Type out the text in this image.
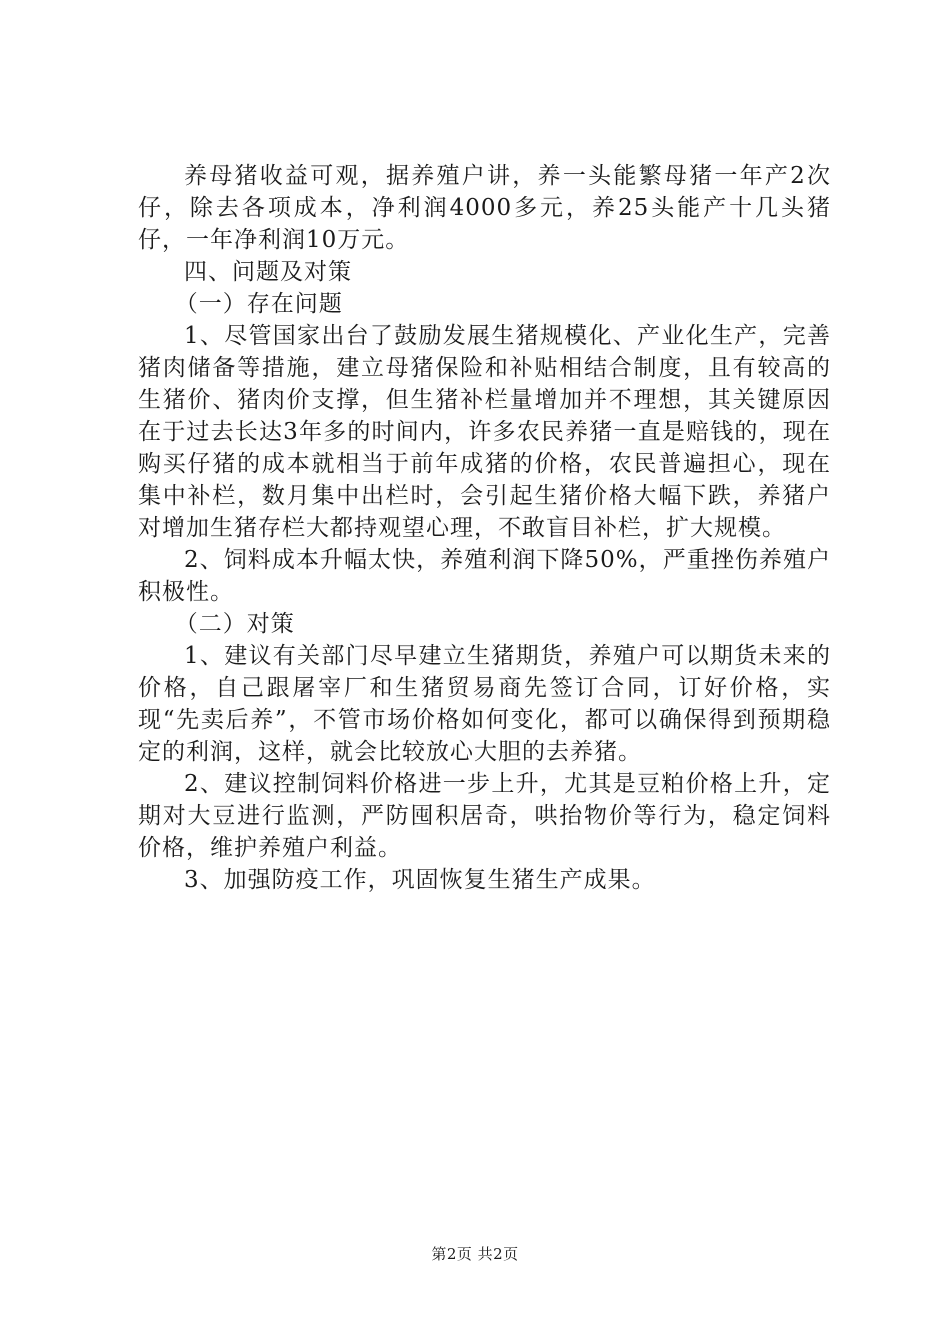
养母猪收益可观，据养殖户讲，养一头能繁母猪一年产2次仔，除去各项成本，净利润4000多元，养25头能产十几头猪仔，一年净利润10万元。

四、问题及对策

（一）存在问题

1、尽管国家出台了鼓励发展生猪规模化、产业化生产，完善猪肉储备等措施，建立母猪保险和补贴相结合制度，且有较高的生猪价、猪肉价支撑，但生猪补栏量增加并不理想，其关键原因在于过去长达3年多的时间内，许多农民养猪一直是赔钱的，现在购买仔猪的成本就相当于前年成猪的价格，农民普遍担心，现在集中补栏，数月集中出栏时，会引起生猪价格大幅下跌，养猪户对增加生猪存栏大都持观望心理，不敢盲目补栏，扩大规模。

2、饲料成本升幅太快，养殖利润下降50%，严重挫伤养殖户积极性。

（二）对策

1、建议有关部门尽早建立生猪期货，养殖户可以期货未来的价格，自己跟屠宰厂和生猪贸易商先签订合同，订好价格，实现“先卖后养”，不管市场价格如何变化，都可以确保得到预期稳定的利润，这样，就会比较放心大胆的去养猪。

2、建议控制饲料价格进一步上升，尤其是豆粕价格上升，定期对大豆进行监测，严防囤积居奇，哄抬物价等行为，稳定饲料价格，维护养殖户利益。

3、加强防疫工作，巩固恢复生猪生产成果。

第2页 共2页
